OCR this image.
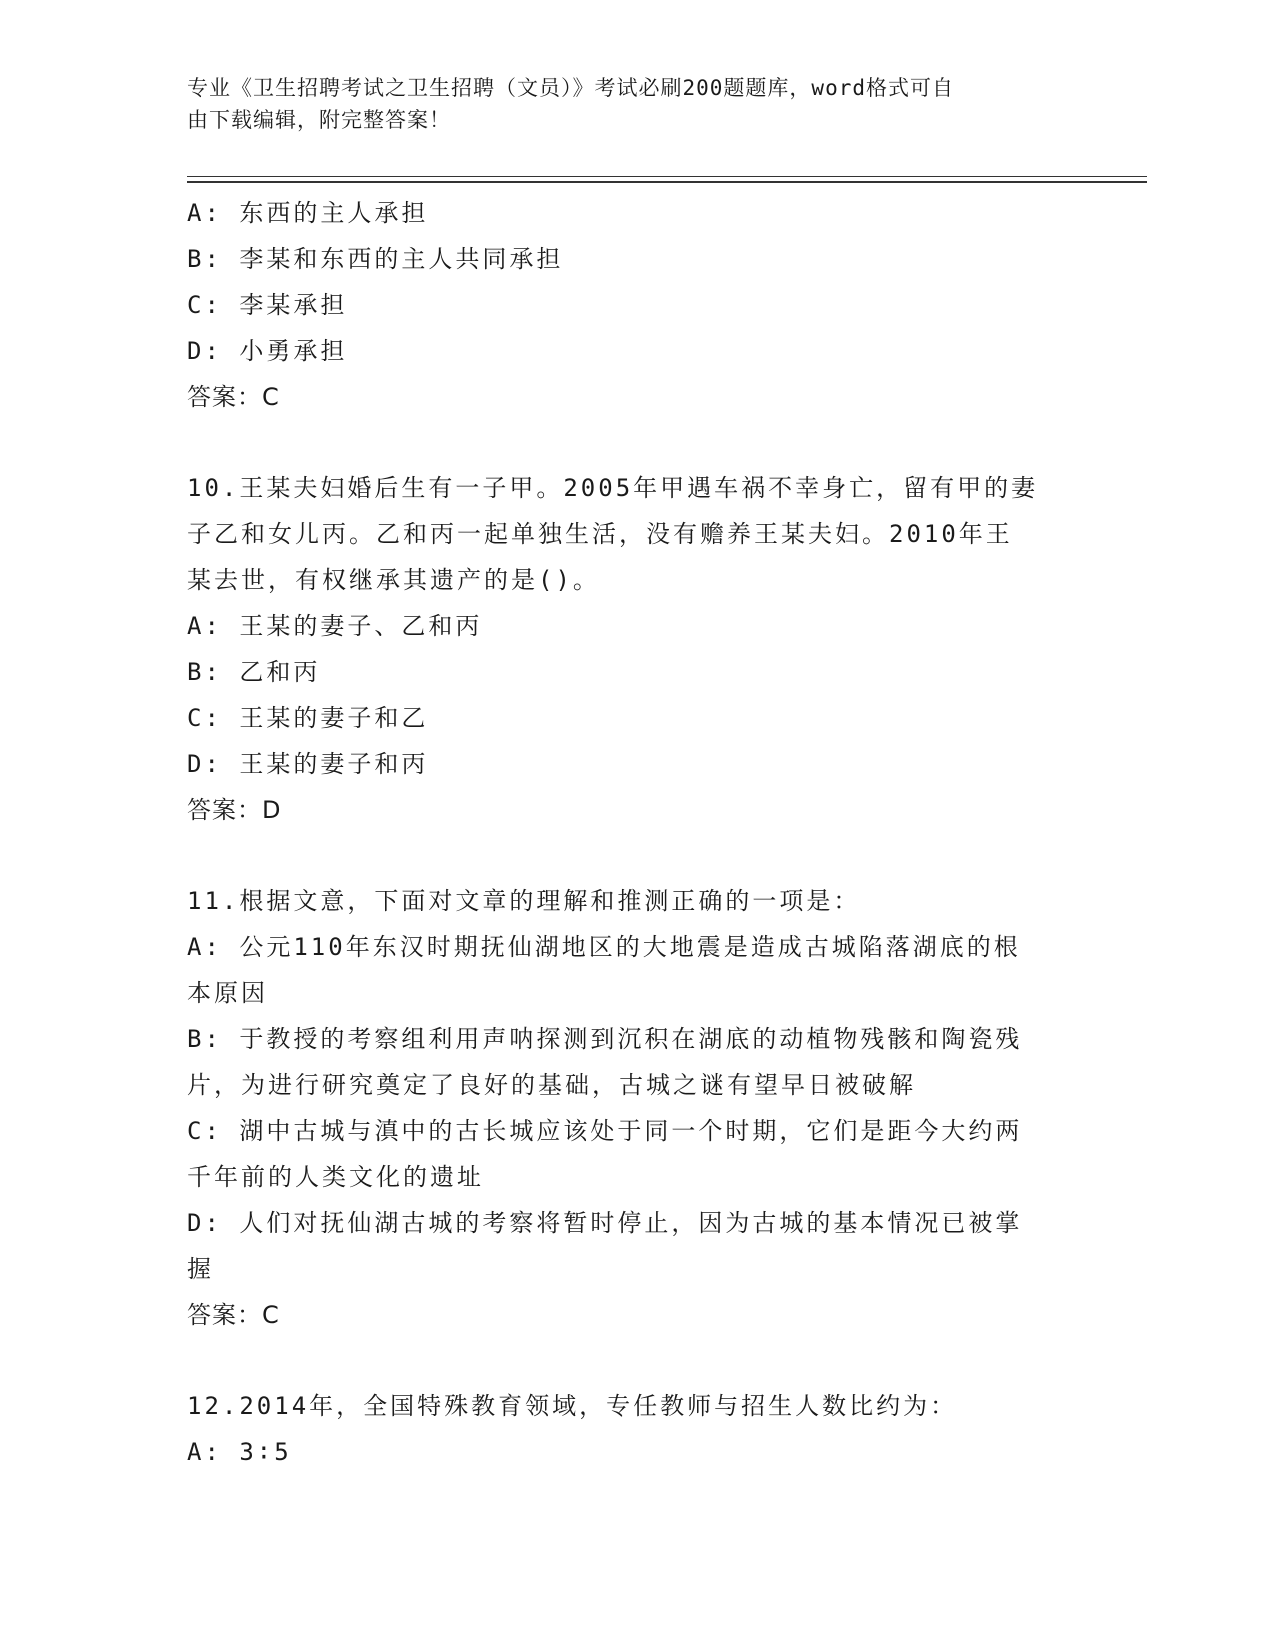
专业《卫生招聘考试之卫生招聘（文员）》考试必刷200题题库，word格式可自
由下载编辑，附完整答案！
A: 东西的主人承担
B: 李某和东西的主人共同承担
C: 李某承担
D: 小勇承担
答案：C
10.王某夫妇婚后生有一子甲。2005年甲遇车祸不幸身亡，留有甲的妻
子乙和女儿丙。乙和丙一起单独生活，没有赡养王某夫妇。2010年王
某去世，有权继承其遗产的是()。
A: 王某的妻子、乙和丙
B: 乙和丙
C: 王某的妻子和乙
D: 王某的妻子和丙
答案：D
11.根据文意，下面对文章的理解和推测正确的一项是：
A: 公元110年东汉时期抚仙湖地区的大地震是造成古城陷落湖底的根
本原因
B: 于教授的考察组利用声呐探测到沉积在湖底的动植物残骸和陶瓷残
片，为进行研究奠定了良好的基础，古城之谜有望早日被破解
C: 湖中古城与滇中的古长城应该处于同一个时期，它们是距今大约两
千年前的人类文化的遗址
D: 人们对抚仙湖古城的考察将暂时停止，因为古城的基本情况已被掌
握
答案：C
12.2014年，全国特殊教育领域，专任教师与招生人数比约为：
A: 3∶5
